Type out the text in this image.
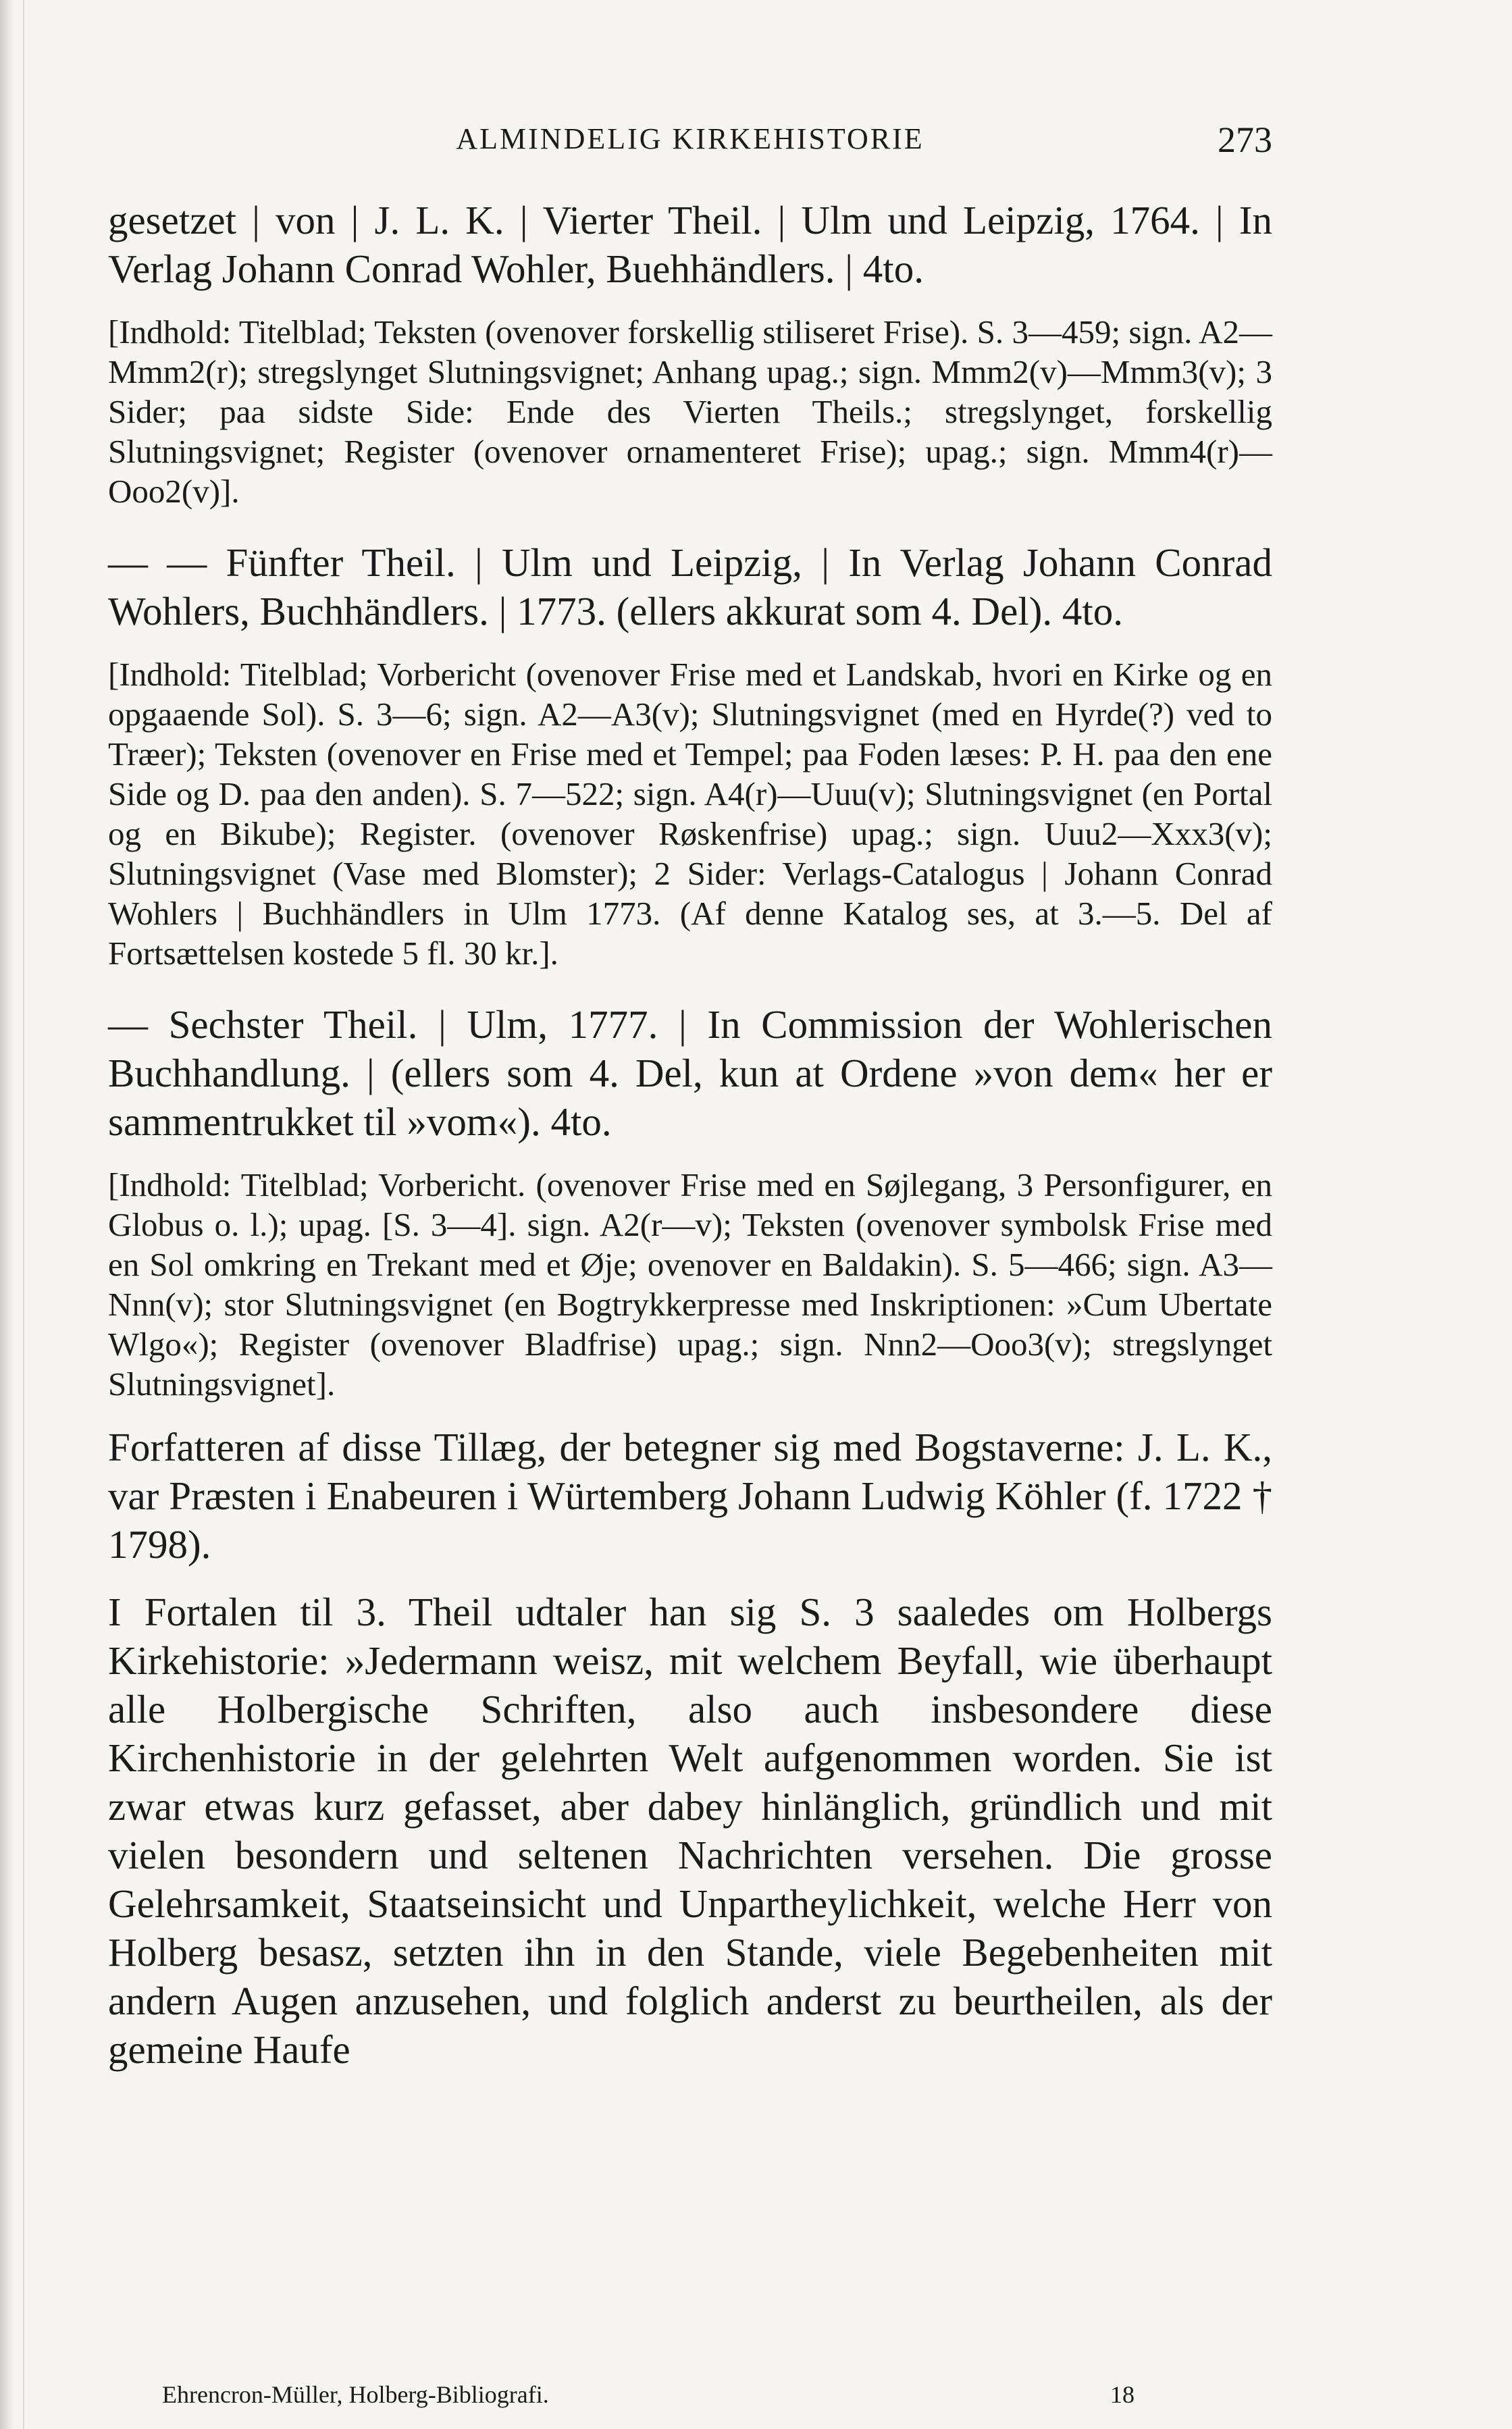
ALMINDELIG KIRKEHISTORIE	273

gesetzet | von | J. L. K. | Vierter Theil. | Ulm und Leipzig, 1764. | In Verlag Johann Conrad Wohler, Buehhändlers. | 4to.

[Indhold: Titelblad; Teksten (ovenover forskellig stiliseret Frise). S. 3—459; sign. A2—Mmm2(r); stregslynget Slutningsvignet; Anhang upag.; sign. Mmm2(v)—Mmm3(v); 3 Sider; paa sidste Side: Ende des Vierten Theils.; stregslynget, forskellig Slutningsvignet; Register (ovenover ornamenteret Frise); upag.; sign. Mmm4(r)—Ooo2(v)].

— — Fünfter Theil. | Ulm und Leipzig, | In Verlag Johann Conrad Wohlers, Buchhändlers. | 1773. (ellers akkurat som 4. Del). 4to.

[Indhold: Titelblad; Vorbericht (ovenover Frise med et Landskab, hvori en Kirke og en opgaaende Sol). S. 3—6; sign. A2—A3(v); Slutningsvignet (med en Hyrde(?) ved to Træer); Teksten (ovenover en Frise med et Tempel; paa Foden læses: P. H. paa den ene Side og D. paa den anden). S. 7—522; sign. A4(r)—Uuu(v); Slutningsvignet (en Portal og en Bikube); Register. (ovenover Røskenfrise) upag.; sign. Uuu2—Xxx3(v); Slutningsvignet (Vase med Blomster); 2 Sider: Verlags-Catalogus | Johann Conrad Wohlers | Buchhändlers in Ulm 1773. (Af denne Katalog ses, at 3.—5. Del af Fortsættelsen kostede 5 fl. 30 kr.].

— Sechster Theil. | Ulm, 1777. | In Commission der Wohlerischen Buchhandlung. | (ellers som 4. Del, kun at Ordene »von dem« her er sammentrukket til »vom«). 4to.

[Indhold: Titelblad; Vorbericht. (ovenover Frise med en Søjlegang, 3 Personfigurer, en Globus o. l.); upag. [S. 3—4]. sign. A2(r—v); Teksten (ovenover symbolsk Frise med en Sol omkring en Trekant med et Øje; ovenover en Baldakin). S. 5—466; sign. A3—Nnn(v); stor Slutningsvignet (en Bogtrykkerpresse med Inskriptionen: »Cum Ubertate Wlgo«); Register (ovenover Bladfrise) upag.; sign. Nnn2—Ooo3(v); stregslynget Slutningsvignet].

Forfatteren af disse Tillæg, der betegner sig med Bogstaverne: J. L. K., var Præsten i Enabeuren i Würtemberg Johann Ludwig Köhler (f. 1722 † 1798).

I Fortalen til 3. Theil udtaler han sig S. 3 saaledes om Holbergs Kirkehistorie: »Jedermann weisz, mit welchem Beyfall, wie überhaupt alle Holbergische Schriften, also auch insbesondere diese Kirchenhistorie in der gelehrten Welt aufgenommen worden. Sie ist zwar etwas kurz gefasset, aber dabey hinlänglich, gründlich und mit vielen besondern und seltenen Nachrichten versehen. Die grosse Gelehrsamkeit, Staatseinsicht und Unpartheylichkeit, welche Herr von Holberg besasz, setzten ihn in den Stande, viele Begebenheiten mit andern Augen anzusehen, und folglich anderst zu beurtheilen, als der gemeine Haufe

Ehrencron-Müller, Holberg-Bibliografi.	18
